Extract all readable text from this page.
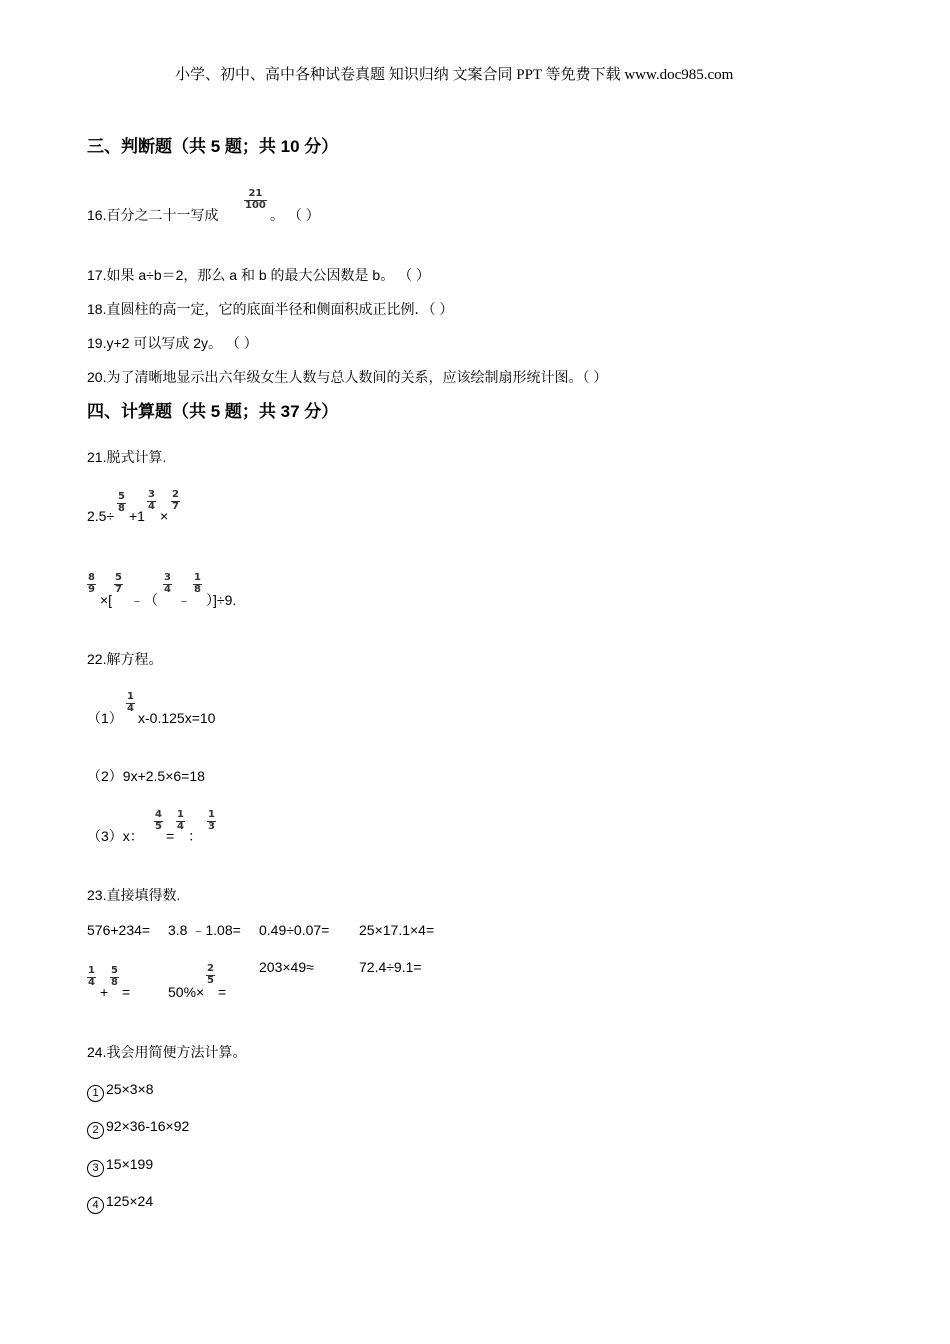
小学、初中、高中各种试卷真题 知识归纳 文案合同 PPT 等免费下载 www.doc985.com
三、判断题（共 5 题；共 10 分）
16.百分之二十一写成
$\frac{21}{100}$
。 （ ）
17.如果 a÷b＝2，那么 a 和 b 的最大公因数是 b。 （ ）
18.直圆柱的高一定，它的底面半径和侧面积成正比例．（ ）
19.y+2 可以写成 2y。 （ ）
20.为了清晰地显示出六年级女生人数与总人数间的关系，应该绘制扇形统计图。（ ）
四、计算题（共 5 题；共 37 分）
21.脱式计算.
2.5÷
$\frac{5}{8}$
+1
$\frac{3}{4}$
×
$\frac{2}{7}$
$\frac{8}{9}$
×[
$\frac{5}{7}$
﹣（
$\frac{3}{4}$
﹣
$\frac{1}{8}$
）]÷9.
22.解方程。
（1）
$\frac{1}{4}$
x-0.125x=10
（2）9x+2.5×6=18
（3）x：
$\frac{4}{5}$
=
$\frac{1}{4}$
：
$\frac{1}{3}$
23.直接填得数.
576+234= 3.8 ﹣1.08= 0.49÷0.07= 25×17.1×4=
203×49≈	72.4÷9.1=
$\frac{1}{4}$
+
$\frac{5}{8}$
=	50%×
$\frac{2}{5}$
=
24.我会用简便方法计算。
1 25×3×8
2 92×36-16×92
3 15×199
4 125×24
